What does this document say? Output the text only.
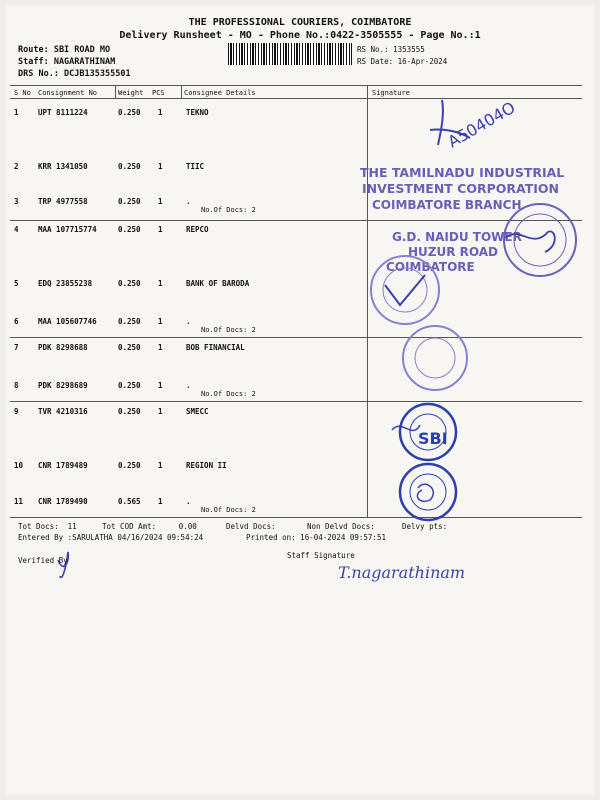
THE PROFESSIONAL COURIERS, COIMBATORE
Delivery Runsheet - MO - Phone No.:0422-3505555 - Page No.:1
Route: SBI ROAD MO
Staff: NAGARATHINAM
DRS No.: DCJB135355501
RS No.: 1353555
RS Date: 16-Apr-2024
S No Consignment No	Weight PCS	Consignee Details	Signature
1	UPT 8111224	0.250 1	TEKNO
2	KRR 1341050	0.250 1	TIIC
3	TRP 4977558	0.250 1	.
No.Of Docs: 2
4	MAA 107715774	0.250 1	REPCO
5	EDQ 23855238	0.250 1	BANK OF BARODA
6	MAA 105607746	0.250 1	.
No.Of Docs: 2
7	PDK 8298688	0.250 1	BOB FINANCIAL
8	PDK 8298689	0.250 1	.
No.Of Docs: 2
9	TVR 4210316	0.250 1	SMECC
10 CNR 1789489	0.250 1	REGION II
11 CNR 1789490	0.565 1	.
No.Of Docs: 2
A50404O
THE TAMILNADU INDUSTRIAL
INVESTMENT CORPORATION
COIMBATORE BRANCH
G.D. NAIDU TOWER
HUZUR ROAD
COIMBATORE
SBI
T.nagarathinam
Tot Docs:  11	Tot COD Amt:     0.00	Delvd Docs:	Non Delvd Docs:	Delvy pts:
Entered By :SARULATHA 04/16/2024 09:54:24	Printed on: 16-04-2024 09:57:51
Verified By
Staff Signature
